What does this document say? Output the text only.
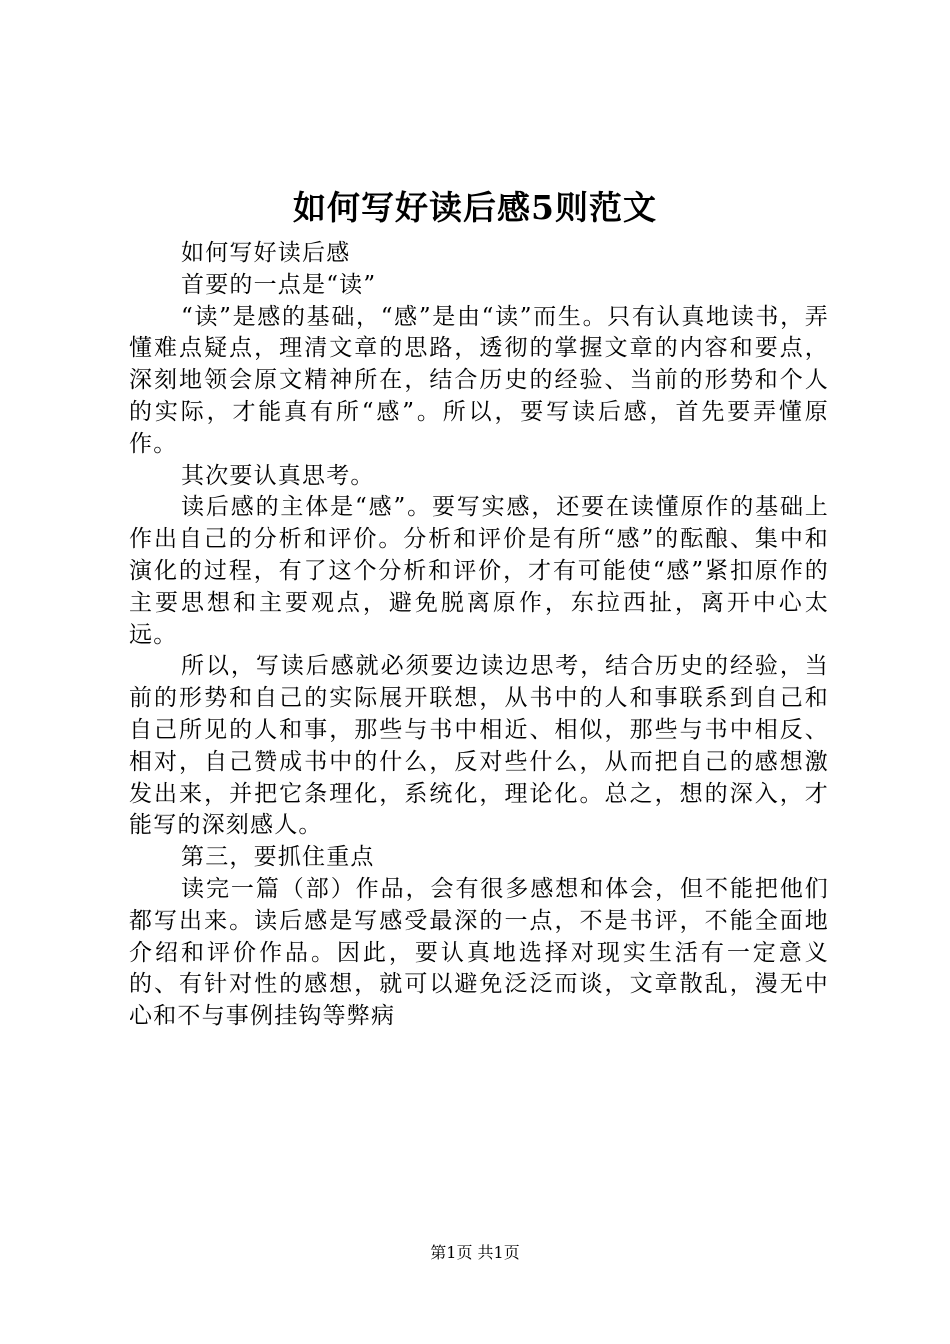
如何写好读后感5则范文

如何写好读后感

首要的一点是“读”

“读”是感的基础，“感”是由“读”而生。只有认真地读书，弄懂难点疑点，理清文章的思路，透彻的掌握文章的内容和要点，深刻地领会原文精神所在，结合历史的经验、当前的形势和个人的实际，才能真有所“感”。所以，要写读后感，首先要弄懂原作。

其次要认真思考。

读后感的主体是“感”。要写实感，还要在读懂原作的基础上作出自己的分析和评价。分析和评价是有所“感”的酝酿、集中和演化的过程，有了这个分析和评价，才有可能使“感”紧扣原作的主要思想和主要观点，避免脱离原作，东拉西扯，离开中心太远。

所以，写读后感就必须要边读边思考，结合历史的经验，当前的形势和自己的实际展开联想，从书中的人和事联系到自己和自己所见的人和事，那些与书中相近、相似，那些与书中相反、相对，自己赞成书中的什么，反对些什么，从而把自己的感想激发出来，并把它条理化，系统化，理论化。总之，想的深入，才能写的深刻感人。

第三，要抓住重点

读完一篇（部）作品，会有很多感想和体会，但不能把他们都写出来。读后感是写感受最深的一点，不是书评，不能全面地介绍和评价作品。因此，要认真地选择对现实生活有一定意义的、有针对性的感想，就可以避免泛泛而谈，文章散乱，漫无中心和不与事例挂钩等弊病

第1页 共1页
